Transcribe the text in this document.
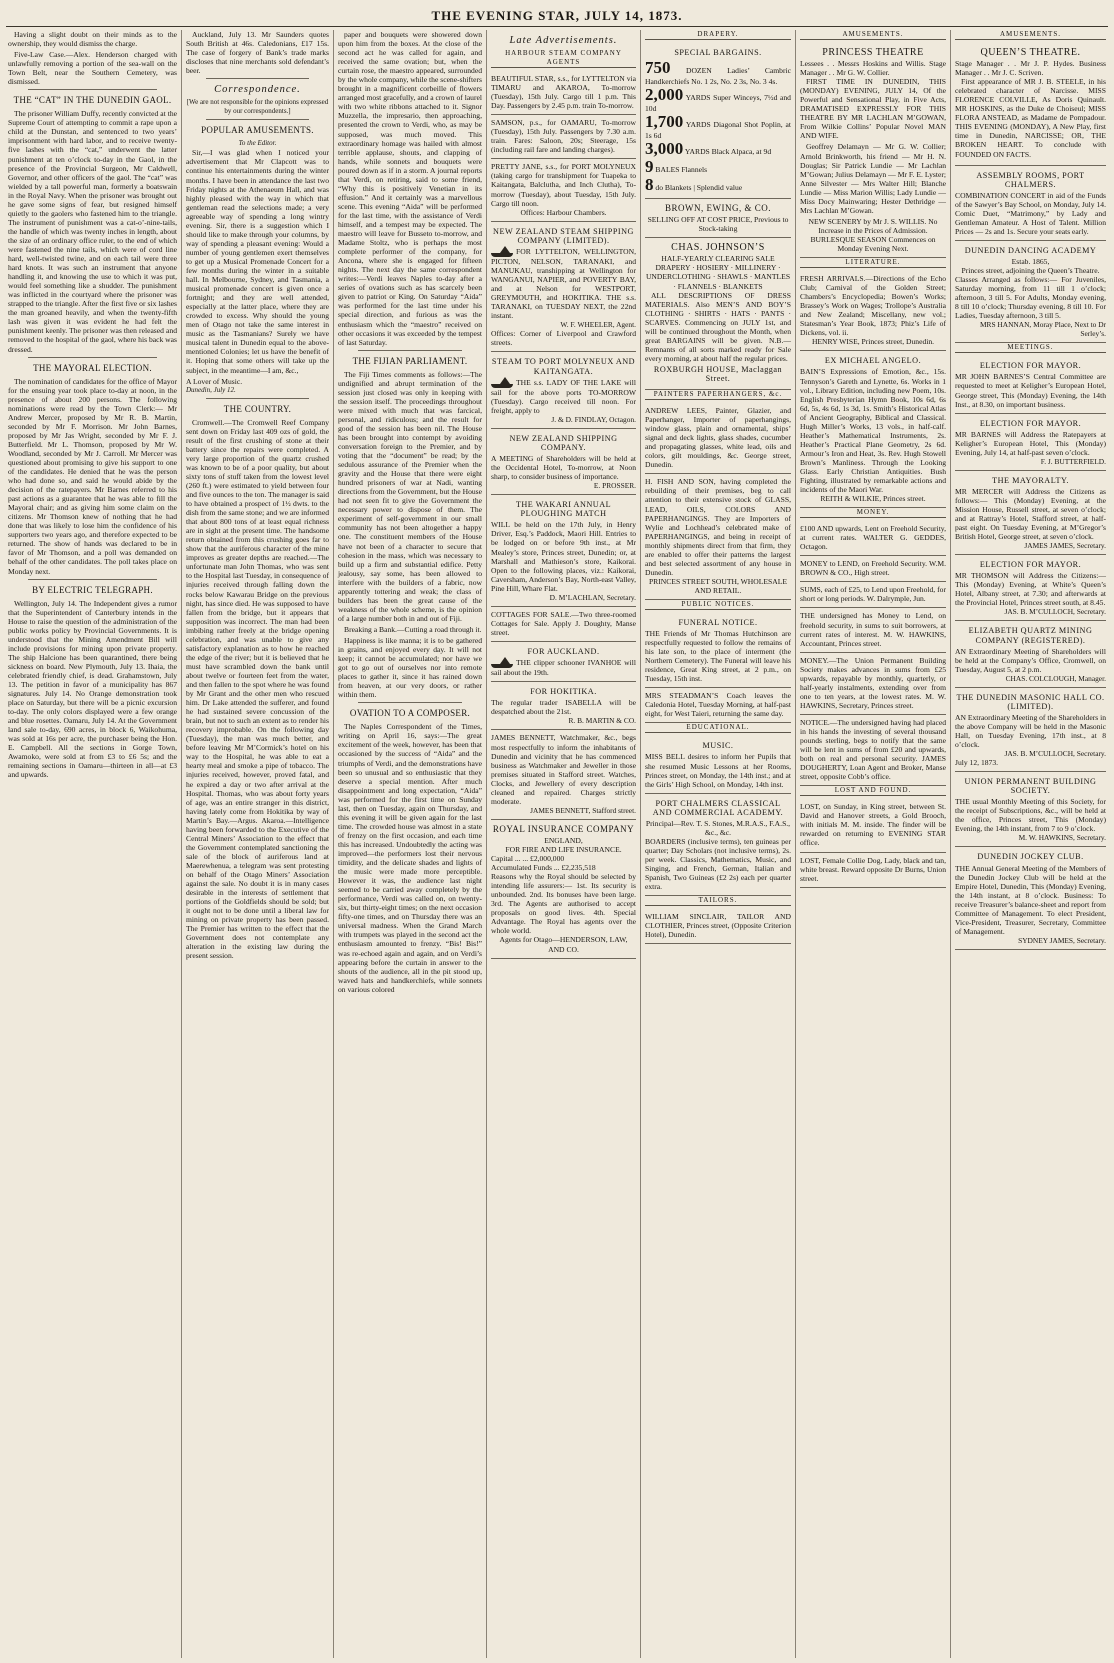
THE EVENING STAR, JULY 14, 1873.

Having a slight doubt on their minds as to the ownership, they would dismiss the charge.

Five-Law Case.—Alex. Henderson charged with unlawfully removing a portion of the sea-wall on the Town Belt, near the Southern Cemetery, was dismissed.

THE “CAT” IN THE DUNEDIN GAOL.

The prisoner William Duffy, recently convicted at the Supreme Court of attempting to commit a rape upon a child at the Dunstan, and sentenced to two years’ imprisonment with hard labor, and to receive twenty-five lashes with the “cat,” underwent the latter punishment at ten o’clock to-day in the Gaol, in the presence of the Provincial Surgeon, Mr Caldwell, Governor, and other officers of the gaol. The “cat” was wielded by a tall powerful man, formerly a boatswain in the Royal Navy. When the prisoner was brought out he gave some signs of fear, but resigned himself quietly to the gaolers who fastened him to the triangle. The instrument of punishment was a cat-o’-nine-tails, the handle of which was twenty inches in length, about the size of an ordinary office ruler, to the end of which were fastened the nine tails, which were of cord line hard, well-twisted twine, and on each tail were three hard knots. It was such an instrument that anyone handling it, and knowing the use to which it was put, would feel something like a shudder. The punishment was inflicted in the courtyard where the prisoner was strapped to the triangle. After the first five or six lashes the man groaned heavily, and when the twenty-fifth lash was given it was evident he had felt the punishment keenly. The prisoner was then released and removed to the hospital of the gaol, where his back was dressed.

THE MAYORAL ELECTION.

The nomination of candidates for the office of Mayor for the ensuing year took place to-day at noon, in the presence of about 200 persons. The following nominations were read by the Town Clerk:— Mr Andrew Mercer, proposed by Mr R. B. Martin, seconded by Mr F. Morrison. Mr John Barnes, proposed by Mr Jas Wright, seconded by Mr F. J. Butterfield. Mr L. Thomson, proposed by Mr W. Woodland, seconded by Mr J. Carroll. Mr Mercer was questioned about promising to give his support to one of the candidates. He denied that he was the person who had done so, and said he would abide by the decision of the ratepayers. Mr Barnes referred to his past actions as a guarantee that he was able to fill the Mayoral chair; and as giving him some claim on the citizens. Mr Thomson knew of nothing that he had done that was likely to lose him the confidence of his supporters two years ago, and therefore expected to be returned. The show of hands was declared to be in favor of Mr Thomson, and a poll was demanded on behalf of the other candidates. The poll takes place on Monday next.

BY ELECTRIC TELEGRAPH.

Wellington, July 14. The Independent gives a rumor that the Superintendent of Canterbury intends in the House to raise the question of the administration of the public works policy by Provincial Governments. It is understood that the Mining Amendment Bill will include provisions for mining upon private property. The ship Halcione has been quarantined, there being sickness on board. New Plymouth, July 13. Ihaia, the celebrated friendly chief, is dead. Grahamstown, July 13. The petition in favor of a municipality has 867 signatures. July 14. No Orange demonstration took place on Saturday, but there will be a picnic excursion to-day. The only colors displayed were a few orange and blue rosettes. Oamaru, July 14. At the Government land sale to-day, 690 acres, in block 6, Waikohuma, was sold at 16s per acre, the purchaser being the Hon. E. Campbell. All the sections in Gorge Town, Awamoko, were sold at from £3 to £6 5s; and the remaining sections in Oamaru—thirteen in all—at £3 and upwards.

Auckland, July 13. Mr Saunders quotes South British at 46s. Caledonians, £17 15s. The case of forgery of Bank’s trade marks discloses that nine merchants sold defendant’s beer.

Correspondence.
[We are not responsible for the opinions expressed by our correspondents.]
POPULAR AMUSEMENTS.
To the Editor.

Sir,—I was glad when I noticed your advertisement that Mr Clapcott was to continue his entertainments during the winter months. I have been in attendance the last two Friday nights at the Athenaeum Hall, and was highly pleased with the way in which that gentleman read the selections made; a very agreeable way of spending a long wintry evening. Sir, there is a suggestion which I should like to make through your columns, by way of spending a pleasant evening: Would a number of young gentlemen exert themselves to get up a Musical Promenade Concert for a few months during the winter in a suitable hall. In Melbourne, Sydney, and Tasmania, a musical promenade concert is given once a fortnight; and they are well attended, especially at the latter place, where they are crowded to excess. Why should the young men of Otago not take the same interest in music as the Tasmanians? Surely we have musical talent in Dunedin equal to the above-mentioned Colonies; let us have the benefit of it. Hoping that some others will take up the subject, in the meantime—I am, &c.,

A Lover of Music.
Dunedin, July 12.
THE COUNTRY.

Cromwell.—The Cromwell Reef Company sent down on Friday last 409 ozs of gold, the result of the first crushing of stone at their battery since the repairs were completed. A very large proportion of the quartz crushed was known to be of a poor quality, but about sixty tons of stuff taken from the lowest level (260 ft.) were estimated to yield between four and five ounces to the ton. The manager is said to have obtained a prospect of 1½ dwts. to the dish from the same stone; and we are informed that about 800 tons of at least equal richness are in sight at the present time. The handsome return obtained from this crushing goes far to show that the auriferous character of the mine improves as greater depths are reached.—The unfortunate man John Thomas, who was sent to the Hospital last Tuesday, in consequence of injuries received through falling down the rocks below Kawarau Bridge on the previous night, has since died. He was supposed to have fallen from the bridge, but it appears that supposition was incorrect. The man had been imbibing rather freely at the bridge opening celebration, and was unable to give any satisfactory explanation as to how he reached the edge of the river; but it is believed that he must have scrambled down the bank until about twelve or fourteen feet from the water, and then fallen to the spot where he was found by Mr Grant and the other men who rescued him. Dr Lake attended the sufferer, and found he had sustained severe concussion of the brain, but not to such an extent as to render his recovery improbable. On the following day (Tuesday), the man was much better, and before leaving Mr M’Cormick’s hotel on his way to the Hospital, he was able to eat a hearty meal and smoke a pipe of tobacco. The injuries received, however, proved fatal, and he expired a day or two after arrival at the Hospital. Thomas, who was about forty years of age, was an entire stranger in this district, having lately come from Hokitika by way of Martin’s Bay.—Argus. Akaroa.—Intelligence having been forwarded to the Executive of the Central Miners’ Association to the effect that the Government contemplated sanctioning the sale of the block of auriferous land at Maerewhenua, a telegram was sent protesting on behalf of the Otago Miners’ Association against the sale. No doubt it is in many cases desirable in the interests of settlement that portions of the Goldfields should be sold; but it ought not to be done until a liberal law for mining on private property has been passed. The Premier has written to the effect that the Government does not contemplate any alteration in the existing law during the present session.

paper and bouquets were showered down upon him from the boxes. At the close of the second act he was called for again, and received the same ovation; but, when the curtain rose, the maestro appeared, surrounded by the whole company, while the scene-shifters brought in a magnificent corbeille of flowers arranged most gracefully, and a crown of laurel with two white ribbons attached to it. Signor Muzzella, the impresario, then approaching, presented the crown to Verdi, who, as may be supposed, was much moved. This extraordinary homage was hailed with almost terrible applause, shouts, and clapping of hands, while sonnets and bouquets were poured down as if in a storm. A journal reports that Verdi, on retiring, said to some friend, “Why this is positively Venetian in its effusion.” And it certainly was a marvellous scene. This evening “Aida” will be performed for the last time, with the assistance of Verdi himself, and a tempest may be expected. The maestro will leave for Busseto to-morrow, and Madame Stoltz, who is perhaps the most complete performer of the company, for Ancona, where she is engaged for fifteen nights. The next day the same correspondent writes:—Verdi leaves Naples to-day after a series of ovations such as has scarcely been given to patriot or King. On Saturday “Aida” was performed for the last time under his special direction, and furious as was the enthusiasm which the “maestro” received on other occasions it was exceeded by the tempest of last Saturday.

THE FIJIAN PARLIAMENT.

The Fiji Times comments as follows:—The undignified and abrupt termination of the session just closed was only in keeping with the session itself. The proceedings throughout were mixed with much that was farcical, personal, and ridiculous; and the result for good of the session has been nil. The House has been brought into contempt by avoiding conversation foreign to the Premier, and by voting that the “document” be read; by the sedulous assurance of the Premier when the gravity and the House that there were eight hundred prisoners of war at Nadi, wanting directions from the Government, but the House had not seen fit to give the Government the necessary power to dispose of them. The experiment of self-government in our small community has not been altogether a happy one. The constituent members of the House have not been of a character to secure that cohesion in the mass, which was necessary to build up a firm and substantial edifice. Petty jealousy, say some, has been allowed to interfere with the builders of a fabric, now apparently tottering and weak; the class of builders has been the great cause of the weakness of the whole scheme, is the opinion of a large number both in and out of Fiji.

Breaking a Bank.—Cutting a road through it.

Happiness is like manna; it is to be gathered in grains, and enjoyed every day. It will not keep; it cannot be accumulated; nor have we got to go out of ourselves nor into remote places to gather it, since it has rained down from heaven, at our very doors, or rather within them.

OVATION TO A COMPOSER.

The Naples Correspondent of the Times, writing on April 16, says:—The great excitement of the week, however, has been that occasioned by the success of “Aida” and the triumphs of Verdi, and the demonstrations have been so unusual and so enthusiastic that they deserve a special mention. After much disappointment and long expectation, “Aida” was performed for the first time on Sunday last, then on Tuesday, again on Thursday, and this evening it will be given again for the last time. The crowded house was almost in a state of frenzy on the first occasion, and each time this has increased. Undoubtedly the acting was improved—the performers lost their nervous timidity, and the delicate shades and lights of the music were made more perceptible. However it was, the audience last night seemed to be carried away completely by the performance, Verdi was called on, on twenty-six, but thirty-eight times; on the next occasion fifty-one times, and on Thursday there was an universal madness. When the Grand March with trumpets was played in the second act the enthusiasm amounted to frenzy. “Bis! Bis!” was re-echoed again and again, and on Verdi’s appearing before the curtain in answer to the shouts of the audience, all in the pit stood up, waved hats and handkerchiefs, while sonnets on various colored

Late Advertisements.
HARBOUR STEAM COMPANY AGENTS
BEAUTIFUL STAR, s.s., for LYTTELTON via TIMARU and AKAROA, To-morrow (Tuesday), 15th July. Cargo till 1 p.m. This Day. Passengers by 2.45 p.m. train To-morrow.
SAMSON, p.s., for OAMARU, To-morrow (Tuesday), 15th July. Passengers by 7.30 a.m. train. Fares: Saloon, 20s; Steerage, 15s (including rail fare and landing charges).
PRETTY JANE, s.s., for PORT MOLYNEUX (taking cargo for transhipment for Tuapeka to Kaitangata, Balclutha, and Inch Clutha), To-morrow (Tuesday), about Tuesday, 15th July. Cargo till noon.
Offices: Harbour Chambers.
NEW ZEALAND STEAM SHIPPING COMPANY (LIMITED).
FOR LYTTELTON, WELLINGTON, PICTON, NELSON, TARANAKI, and MANUKAU, transhipping at Wellington for WANGANUI, NAPIER, and POVERTY BAY, and at Nelson for WESTPORT, GREYMOUTH, and HOKITIKA. THE s.s. TARANAKI, on TUESDAY NEXT, the 22nd instant.
W. F. WHEELER, Agent.
Offices: Corner of Liverpool and Crawford streets.
STEAM TO PORT MOLYNEUX AND KAITANGATA.
THE s.s. LADY OF THE LAKE will sail for the above ports TO-MORROW (Tuesday). Cargo received till noon. For freight, apply to
J. & D. FINDLAY, Octagon.
NEW ZEALAND SHIPPING COMPANY.
A MEETING of Shareholders will be held at the Occidental Hotel, To-morrow, at Noon sharp, to consider business of importance.
E. PROSSER.
THE WAKARI ANNUAL PLOUGHING MATCH
WILL be held on the 17th July, in Henry Driver, Esq.’s Paddock, Maori Hill. Entries to be lodged on or before 9th inst., at Mr Mealey’s store, Princes street, Dunedin; or, at Marshall and Mathieson’s store, Kaikorai. Open to the following places, viz.: Kaikorai, Caversham, Anderson’s Bay, North-east Valley, Pine Hill, Whare Flat.
D. M’LACHLAN, Secretary.
COTTAGES FOR SALE.—Two three-roomed Cottages for Sale. Apply J. Doughty, Manse street.
FOR AUCKLAND.
THE clipper schooner IVANHOE will sail about the 19th.
FOR HOKITIKA.
The regular trader ISABELLA will be despatched about the 21st.
R. B. MARTIN & CO.
JAMES BENNETT, Watchmaker, &c., begs most respectfully to inform the inhabitants of Dunedin and vicinity that he has commenced business as Watchmaker and Jeweller in those premises situated in Stafford street. Watches, Clocks, and Jewellery of every description cleaned and repaired. Charges strictly moderate.
JAMES BENNETT, Stafford street.
ROYAL INSURANCE COMPANY
ENGLAND,
FOR FIRE AND LIFE INSURANCE.
Capital ... ... £2,000,000
Accumulated Funds ... £2,235,518
Reasons why the Royal should be selected by intending life assurers:— 1st. Its security is unbounded. 2nd. Its bonuses have been large. 3rd. The Agents are authorised to accept proposals on good lives. 4th. Special Advantage. The Royal has agents over the whole world.
Agents for Otago—HENDERSON, LAW, AND CO.
DRAPERY.
SPECIAL BARGAINS.
750 DOZEN Ladies’ Cambric Handkerchiefs No. 1 2s, No. 2 3s, No. 3 4s.
2,000 YARDS Super Winceys, 7½d and 10d
1,700 YARDS Diagonal Shot Poplin, at 1s 6d
3,000 YARDS Black Alpaca, at 9d
9 BALES Flannels
8 do Blankets | Splendid value
BROWN, EWING, & CO.
SELLING OFF AT COST PRICE, Previous to Stock-taking
CHAS. JOHNSON’S
HALF-YEARLY CLEARING SALE
DRAPERY · HOSIERY · MILLINERY · UNDERCLOTHING · SHAWLS · MANTLES · FLANNELS · BLANKETS

ALL DESCRIPTIONS OF DRESS MATERIALS. Also MEN’S AND BOY’S CLOTHING · SHIRTS · HATS · PANTS · SCARVES. Commencing on JULY 1st, and will be continued throughout the Month, when great BARGAINS will be given. N.B.—Remnants of all sorts marked ready for Sale every morning, at about half the regular prices.

ROXBURGH HOUSE, Maclaggan Street.
PAINTERS PAPERHANGERS, &c.
ANDREW LEES, Painter, Glazier, and Paperhanger, Importer of paperhangings, window glass, plain and ornamental, ships’ signal and deck lights, glass shades, cucumber and propagating glasses, white lead, oils and colors, gilt mouldings, &c. George street, Dunedin.
H. FISH AND SON, having completed the rebuilding of their premises, beg to call attention to their extensive stock of GLASS, LEAD, OILS, COLORS AND PAPERHANGINGS. They are Importers of Wylie and Lochhead’s celebrated make of PAPERHANGINGS, and being in receipt of monthly shipments direct from that firm, they are enabled to offer their patterns the largest and best selected assortment of any house in Dunedin.
PRINCES STREET SOUTH, WHOLESALE AND RETAIL.
PUBLIC NOTICES.
FUNERAL NOTICE.
THE Friends of Mr Thomas Hutchinson are respectfully requested to follow the remains of his late son, to the place of interment (the Northern Cemetery). The Funeral will leave his residence, Great King street, at 2 p.m., on Tuesday, 15th inst.
MRS STEADMAN’S Coach leaves the Caledonia Hotel, Tuesday Morning, at half-past eight, for West Taieri, returning the same day.
EDUCATIONAL.
MUSIC.
MISS BELL desires to inform her Pupils that she resumed Music Lessons at her Rooms, Princes street, on Monday, the 14th inst.; and at the Girls’ High School, on Monday, 14th inst.
PORT CHALMERS CLASSICAL AND COMMERCIAL ACADEMY.
Principal—Rev. T. S. Stones, M.R.A.S., F.A.S., &c., &c.
BOARDERS (inclusive terms), ten guineas per quarter; Day Scholars (not inclusive terms), 2s. per week. Classics, Mathematics, Music, and Singing, and French, German, Italian and Spanish, Two Guineas (£2 2s) each per quarter extra.
TAILORS.
WILLIAM SINCLAIR, TAILOR AND CLOTHIER, Princes street, (Opposite Criterion Hotel), Dunedin.
AMUSEMENTS.
PRINCESS THEATRE
Lessees . . Messrs Hoskins and Willis. Stage Manager . . Mr G. W. Collier.

FIRST TIME IN DUNEDIN, THIS (MONDAY) EVENING, JULY 14, Of the Powerful and Sensational Play, in Five Acts, DRAMATISED EXPRESSLY FOR THIS THEATRE BY MR LACHLAN M’GOWAN, From Wilkie Collins’ Popular Novel MAN AND WIFE.

Geoffrey Delamayn — Mr G. W. Collier; Arnold Brinkworth, his friend — Mr H. N. Douglas; Sir Patrick Lundie — Mr Lachlan M’Gowan; Julius Delamayn — Mr F. E. Lyster; Anne Silvester — Mrs Walter Hill; Blanche Lundie — Miss Marion Willis; Lady Lundie — Miss Docy Mainwaring; Hester Dethridge — Mrs Lachlan M’Gowan.

NEW SCENERY by Mr J. S. WILLIS. No Increase in the Prices of Admission. BURLESQUE SEASON Commences on Monday Evening Next.
LITERATURE.
FRESH ARRIVALS.—Directions of the Echo Club; Carnival of the Golden Street; Chambers’s Encyclopedia; Bowen’s Works; Brassey’s Work on Wages; Trollope’s Australia and New Zealand; Miscellany, new vol.; Statesman’s Year Book, 1873; Phiz’s Life of Dickens, vol. ii.
HENRY WISE, Princes street, Dunedin.
EX MICHAEL ANGELO.
BAIN’S Expressions of Emotion, &c., 15s. Tennyson’s Gareth and Lynette, 6s. Works in 1 vol., Library Edition, including new Poem, 10s. English Presbyterian Hymn Book, 10s 6d, 6s 6d, 5s, 4s 6d, 1s 3d, 1s. Smith’s Historical Atlas of Ancient Geography, Biblical and Classical. Hugh Miller’s Works, 13 vols., in half-calf. Heather’s Mathematical Instruments, 2s. Heather’s Practical Plane Geometry, 2s 6d. Armour’s Iron and Heat, 3s. Rev. Hugh Stowell Brown’s Manliness. Through the Looking Glass. Early Christian Antiquities. Bush Fighting, illustrated by remarkable actions and incidents of the Maori War.
REITH & WILKIE, Princes street.
MONEY.
£100 AND upwards, Lent on Freehold Security, at current rates. WALTER G. GEDDES, Octagon.
MONEY to LEND, on Freehold Security. W.M. BROWN & CO., High street.
SUMS, each of £25, to Lend upon Freehold, for short or long periods. W. Dalrymple, Jun.
THE undersigned has Money to Lend, on freehold security, in sums to suit borrowers, at current rates of interest. M. W. HAWKINS, Accountant, Princes street.
MONEY.—The Union Permanent Building Society makes advances in sums from £25 upwards, repayable by monthly, quarterly, or half-yearly instalments, extending over from one to ten years, at the lowest rates. M. W. HAWKINS, Secretary, Princes street.
NOTICE.—The undersigned having had placed in his hands the investing of several thousand pounds sterling, begs to notify that the same will be lent in sums of from £20 and upwards, both on real and personal security. JAMES DOUGHERTY, Loan Agent and Broker, Manse street, opposite Cobb’s office.
LOST AND FOUND.
LOST, on Sunday, in King street, between St. David and Hanover streets, a Gold Brooch, with initials M. M. inside. The finder will be rewarded on returning to EVENING STAR office.
LOST, Female Collie Dog, Lady, black and tan, white breast. Reward opposite Dr Burns, Union street.
AMUSEMENTS.
QUEEN’S THEATRE.
Stage Manager . . Mr J. P. Hydes. Business Manager . . Mr J. C. Scriven.

First appearance of MR J. B. STEELE, in his celebrated character of Narcisse. MISS FLORENCE COLVILLE, As Doris Quinault. MR HOSKINS, as the Duke de Choiseul; MISS FLORA ANSTEAD, as Madame de Pompadour. THIS EVENING (MONDAY), A New Play, first time in Dunedin, NARCISSE; OR, THE BROKEN HEART. To conclude with FOUNDED ON FACTS.

ASSEMBLY ROOMS, PORT CHALMERS.
COMBINATION CONCERT in aid of the Funds of the Sawyer’s Bay School, on Monday, July 14. Comic Duet, “Matrimony,” by Lady and Gentleman Amateur. A Host of Talent. Million Prices — 2s and 1s. Secure your seats early.
DUNEDIN DANCING ACADEMY
Estab. 1865,
Princes street, adjoining the Queen’s Theatre.
Classes Arranged as follows:— For Juveniles, Saturday morning, from 11 till 1 o’clock; afternoon, 3 till 5. For Adults, Monday evening, 8 till 10 o’clock; Thursday evening, 8 till 10. For Ladies, Tuesday afternoon, 3 till 5.
MRS HANNAN, Moray Place, Next to Dr Serley’s.
MEETINGS.
ELECTION FOR MAYOR.
MR JOHN BARNES’S Central Committee are requested to meet at Keligher’s European Hotel, George street, This (Monday) Evening, the 14th Inst., at 8.30, on important business.
ELECTION FOR MAYOR.
MR BARNES will Address the Ratepayers at Keligher’s European Hotel, This (Monday) Evening, July 14, at half-past seven o’clock.
F. J. BUTTERFIELD.
THE MAYORALTY.
MR MERCER will Address the Citizens as follows:— This (Monday) Evening, at the Mission House, Russell street, at seven o’clock; and at Rattray’s Hotel, Stafford street, at half-past eight. On Tuesday Evening, at M’Gregor’s British Hotel, George street, at seven o’clock.
JAMES JAMES, Secretary.
ELECTION FOR MAYOR.
MR THOMSON will Address the Citizens:— This (Monday) Evening, at White’s Queen’s Hotel, Albany street, at 7.30; and afterwards at the Provincial Hotel, Princes street south, at 8.45.
JAS. B. M’CULLOCH, Secretary.
ELIZABETH QUARTZ MINING COMPANY (REGISTERED).
AN Extraordinary Meeting of Shareholders will be held at the Company’s Office, Cromwell, on Tuesday, August 5, at 2 p.m.
CHAS. COLCLOUGH, Manager.
THE DUNEDIN MASONIC HALL CO. (LIMITED).
AN Extraordinary Meeting of the Shareholders in the above Company will be held in the Masonic Hall, on Tuesday Evening, 17th inst., at 8 o’clock.
JAS. B. M’CULLOCH, Secretary.
July 12, 1873.
UNION PERMANENT BUILDING SOCIETY.
THE usual Monthly Meeting of this Society, for the receipt of Subscriptions, &c., will be held at the office, Princes street, This (Monday) Evening, the 14th instant, from 7 to 9 o’clock.
M. W. HAWKINS, Secretary.
DUNEDIN JOCKEY CLUB.
THE Annual General Meeting of the Members of the Dunedin Jockey Club will be held at the Empire Hotel, Dunedin, This (Monday) Evening, the 14th instant, at 8 o’clock. Business: To receive Treasurer’s balance-sheet and report from Committee of Management. To elect President, Vice-President, Treasurer, Secretary, Committee of Management.
SYDNEY JAMES, Secretary.
